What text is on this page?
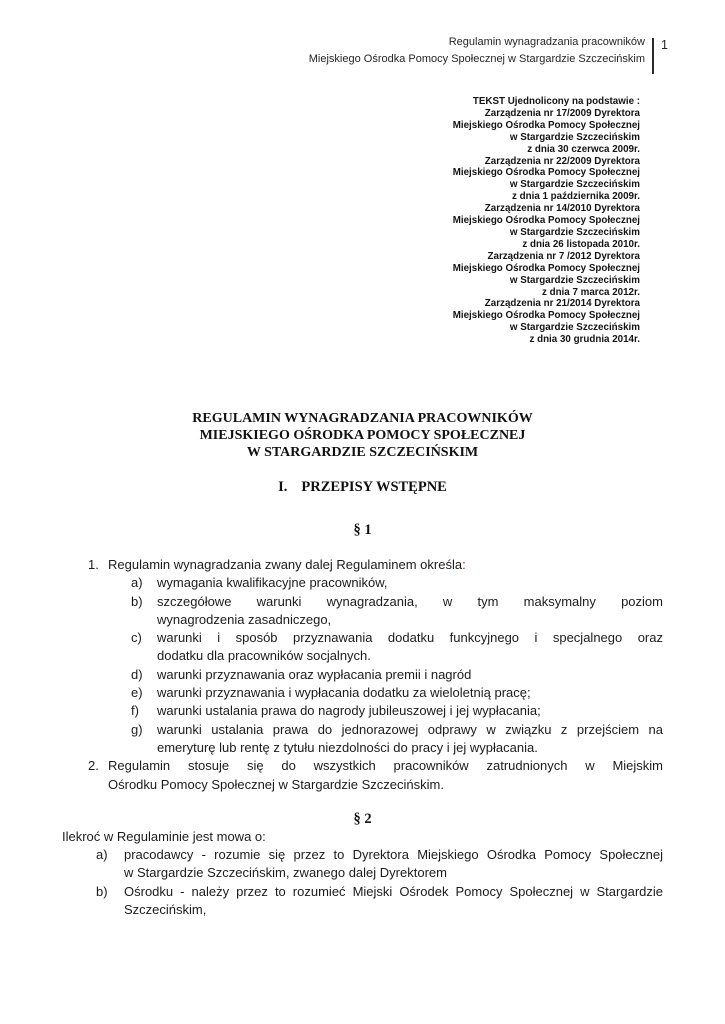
Regulamin wynagradzania pracowników
Miejskiego Ośrodka Pomocy Społecznej w Stargardzie Szczecińskim
1
TEKST Ujednolicony na podstawie :
Zarządzenia nr 17/2009 Dyrektora
Miejskiego Ośrodka Pomocy Społecznej
w Stargardzie Szczecińskim
z dnia 30 czerwca 2009r.
Zarządzenia nr 22/2009 Dyrektora
Miejskiego Ośrodka Pomocy Społecznej
w Stargardzie Szczecińskim
z dnia 1 października 2009r.
Zarządzenia nr 14/2010 Dyrektora
Miejskiego Ośrodka Pomocy Społecznej
w Stargardzie Szczecińskim
z dnia 26 listopada 2010r.
Zarządzenia nr 7 /2012 Dyrektora
Miejskiego Ośrodka Pomocy Społecznej
w Stargardzie Szczecińskim
z dnia 7 marca 2012r.
Zarządzenia nr 21/2014 Dyrektora
Miejskiego Ośrodka Pomocy Społecznej
w Stargardzie Szczecińskim
z dnia 30 grudnia 2014r.
REGULAMIN WYNAGRADZANIA PRACOWNIKÓW
MIEJSKIEGO OŚRODKA POMOCY SPOŁECZNEJ
W STARGARDZIE SZCZECIŃSKIM
I. PRZEPISY WSTĘPNE
§ 1
1. Regulamin wynagradzania zwany dalej Regulaminem określa:
a) wymagania kwalifikacyjne pracowników,
b) szczegółowe warunki wynagradzania, w tym maksymalny poziom
wynagrodzenia zasadniczego,
c) warunki i sposób przyznawania dodatku funkcyjnego i specjalnego oraz
dodatku dla pracowników socjalnych.
d) warunki przyznawania oraz wypłacania premii i nagród
e) warunki przyznawania i wypłacania dodatku za wieloletnią pracę;
f) warunki ustalania prawa do nagrody jubileuszowej i jej wypłacania;
g) warunki ustalania prawa do jednorazowej odprawy w związku z przejściem na
emeryturę lub rentę z tytułu niezdolności do pracy i jej wypłacania.
2. Regulamin stosuje się do wszystkich pracowników zatrudnionych w Miejskim
Ośrodku Pomocy Społecznej w Stargardzie Szczecińskim.
§ 2
Ilekroć w Regulaminie jest mowa o:
a) pracodawcy - rozumie się przez to Dyrektora Miejskiego Ośrodka Pomocy Społecznej
w Stargardzie Szczecińskim, zwanego dalej Dyrektorem
b) Ośrodku - należy przez to rozumieć Miejski Ośrodek Pomocy Społecznej w Stargardzie
Szczecińskim,
